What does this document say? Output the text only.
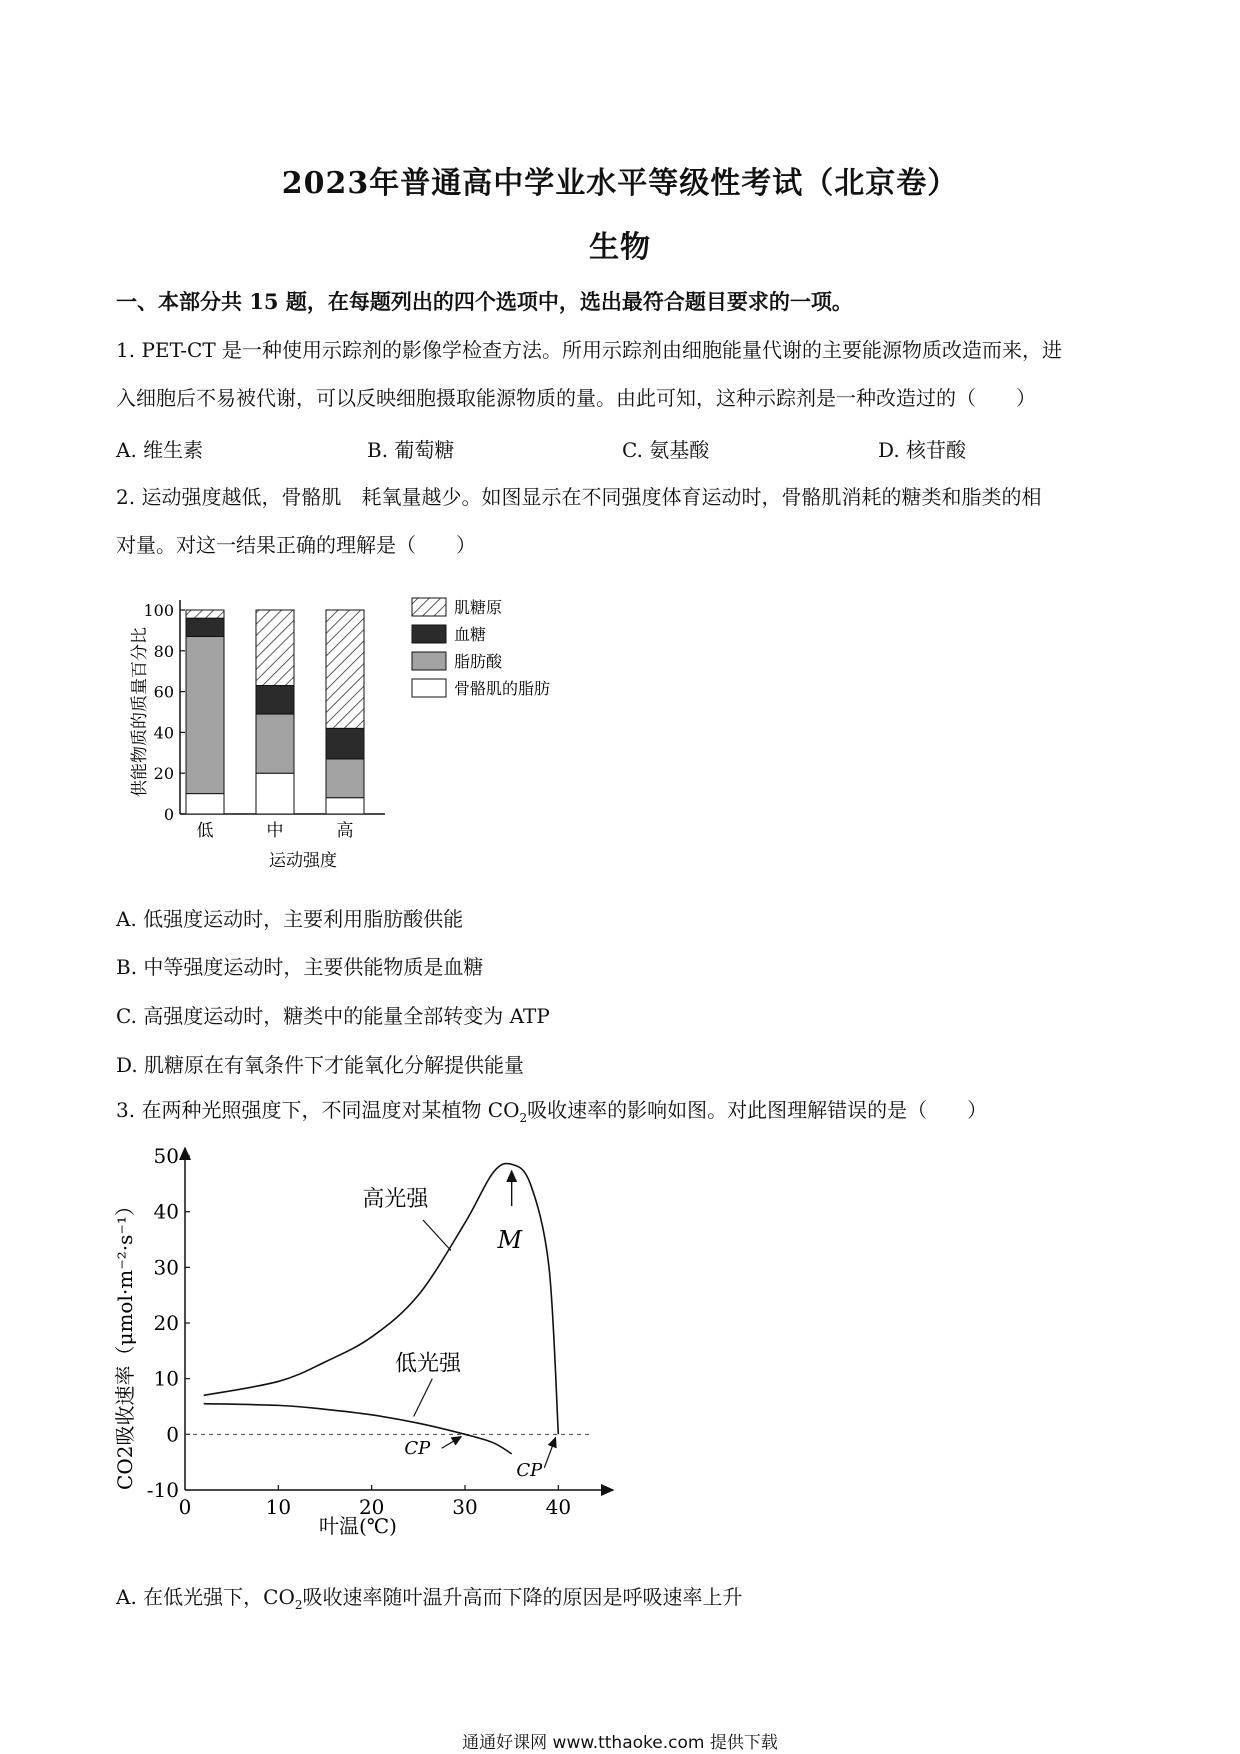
2023年普通高中学业水平等级性考试（北京卷）
生物
一、本部分共 15 题，在每题列出的四个选项中，选出最符合题目要求的一项。
1. PET-CT 是一种使用示踪剂的影像学检查方法。所用示踪剂由细胞能量代谢的主要能源物质改造而来，进
入细胞后不易被代谢，可以反映细胞摄取能源物质的量。由此可知，这种示踪剂是一种改造过的（　　）
A. 维生素	B. 葡萄糖	C. 氨基酸	D. 核苷酸
2. 运动强度越低，骨骼肌　耗氧量越少。如图显示在不同强度体育运动时，骨骼肌消耗的糖类和脂类的相
对量。对这一结果正确的理解是（　　）
供能物质的质量百分比
0
20
40
60
80
100
低	中	高
肌糖原
血糖
脂肪酸
骨骼肌的脂肪
运动强度
A. 低强度运动时，主要利用脂肪酸供能
B. 中等强度运动时，主要供能物质是血糖
C. 高强度运动时，糖类中的能量全部转变为 ATP
D. 肌糖原在有氧条件下才能氧化分解提供能量
3. 在两种光照强度下，不同温度对某植物 $CO_2$吸收速率的影响如图。对此图理解错误的是（　　）
CO2吸收速率（μmol·m⁻²·s⁻¹）
-10
0
10
20
30
40
50
0	10	20	30	40
高光强
低光强
M
CP
CP
叶温(℃)
A. 在低光强下，$CO_2$吸收速率随叶温升高而下降的原因是呼吸速率上升
通通好课网 www.tthaoke.com 提供下载
